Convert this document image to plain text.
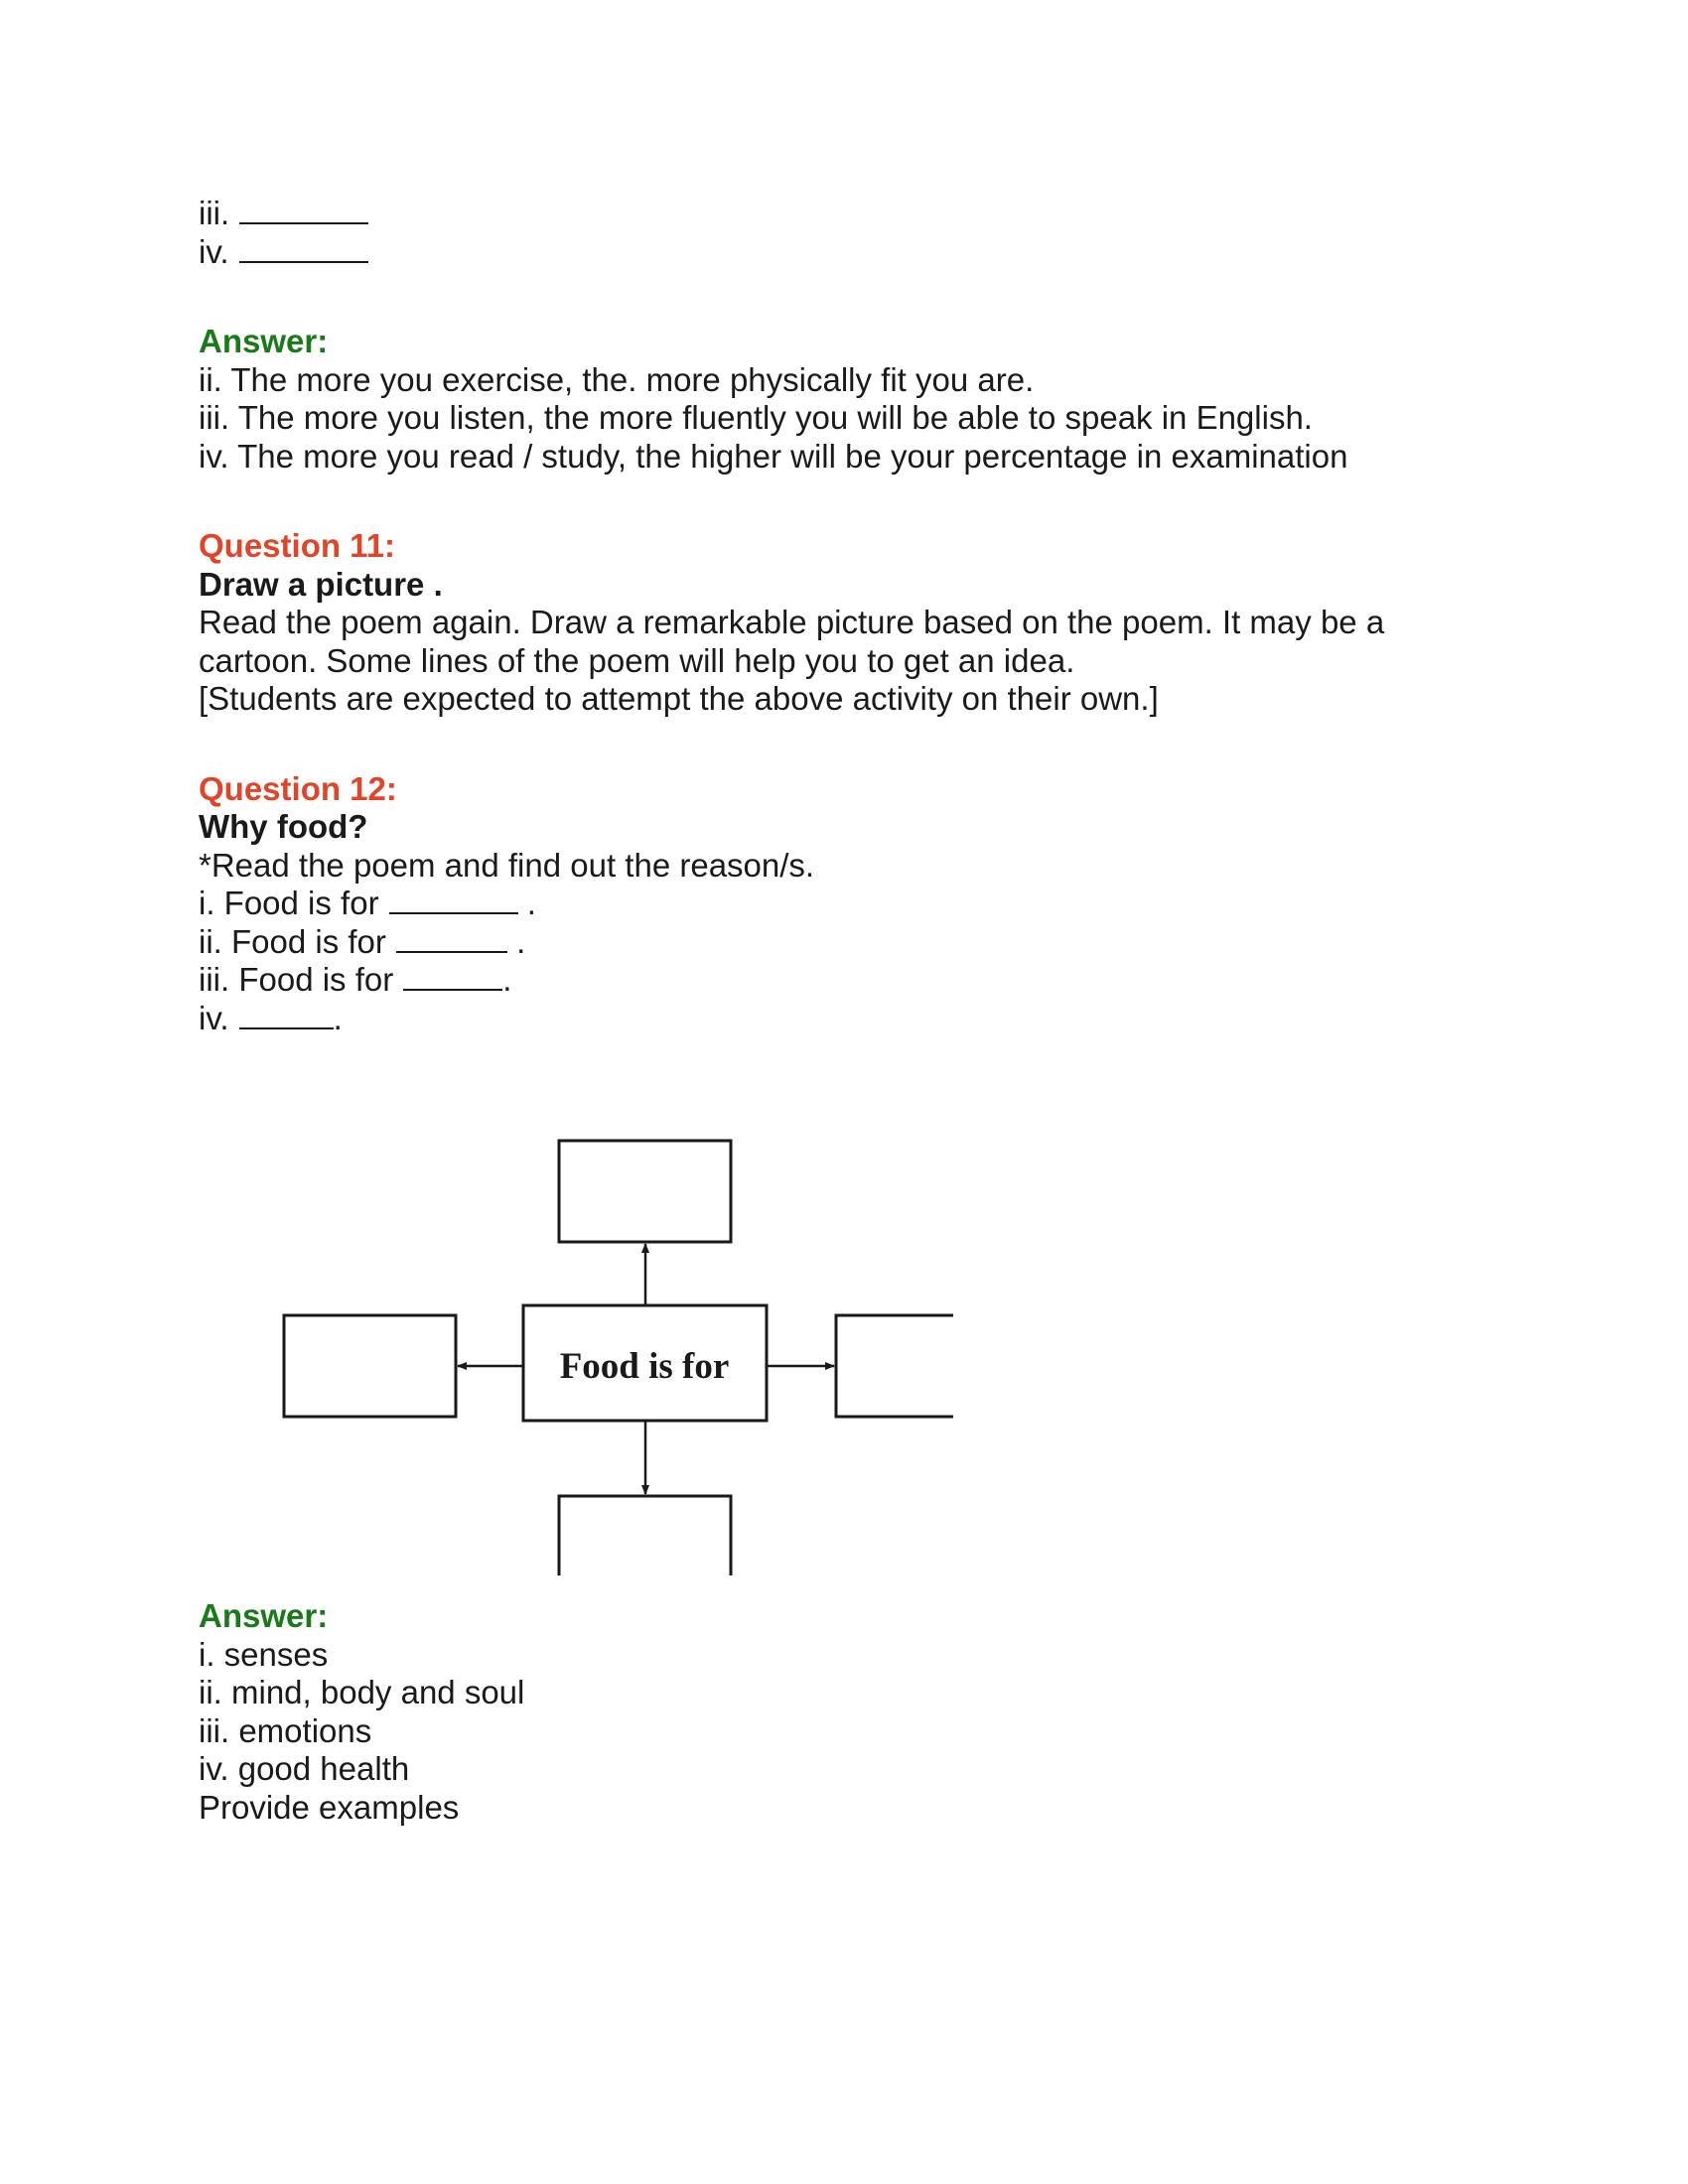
iii.

iv.

Answer:

ii. The more you exercise, the. more physically fit you are.

iii. The more you listen, the more fluently you will be able to speak in English.

iv. The more you read / study, the higher will be your percentage in examination

Question 11:

Draw a picture .

Read the poem again. Draw a remarkable picture based on the poem. It may be a

cartoon. Some lines of the poem will help you to get an idea.

[Students are expected to attempt the above activity on their own.]

Question 12:

Why food?

*Read the poem and find out the reason/s.

i. Food is for	.

ii. Food is for	.

iii. Food is for	.

iv.	.

Food is for

Answer:

i. senses

ii. mind, body and soul

iii. emotions

iv. good health

Provide examples
